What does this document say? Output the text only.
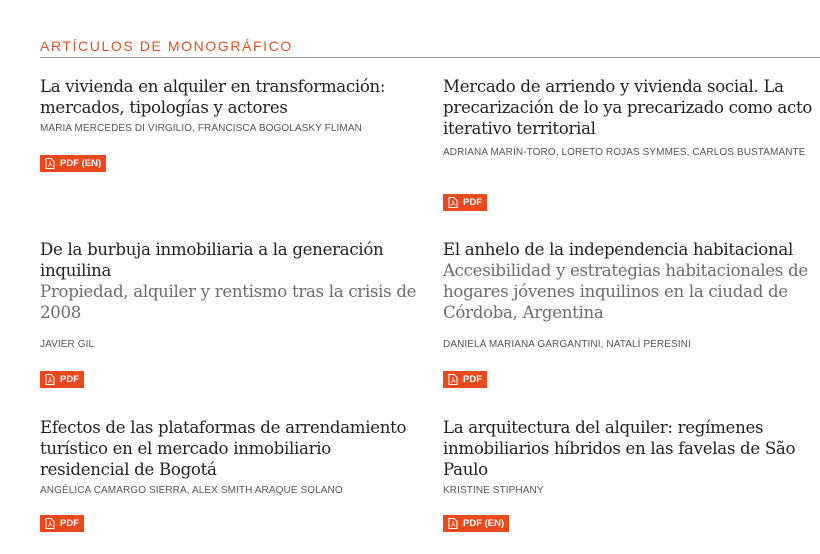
ARTÍCULOS DE MONOGRÁFICO
La vivienda en alquiler en transformación: mercados, tipologías y actores
MARIA MERCEDES DI VIRGILIO, FRANCISCA BOGOLASKY FLIMAN
PDF (EN)
Mercado de arriendo y vivienda social. La precarización de lo ya precarizado como acto iterativo territorial
ADRIANA MARÍN-TORO, LORETO ROJAS SYMMES, CARLOS BUSTAMANTE
PDF
De la burbuja inmobiliaria a la generación inquilina
Propiedad, alquiler y rentismo tras la crisis de 2008
JAVIER GIL
PDF
El anhelo de la independencia habitacional
Accesibilidad y estrategias habitacionales de hogares jóvenes inquilinos en la ciudad de Córdoba, Argentina
DANIELA MARIANA GARGANTINI, NATALÍ PERESINI
PDF
Efectos de las plataformas de arrendamiento turístico en el mercado inmobiliario residencial de Bogotá
ANGÉLICA CAMARGO SIERRA, ALEX SMITH ARAQUE SOLANO
PDF
La arquitectura del alquiler: regímenes inmobiliarios híbridos en las favelas de São Paulo
KRISTINE STIPHANY
PDF (EN)
